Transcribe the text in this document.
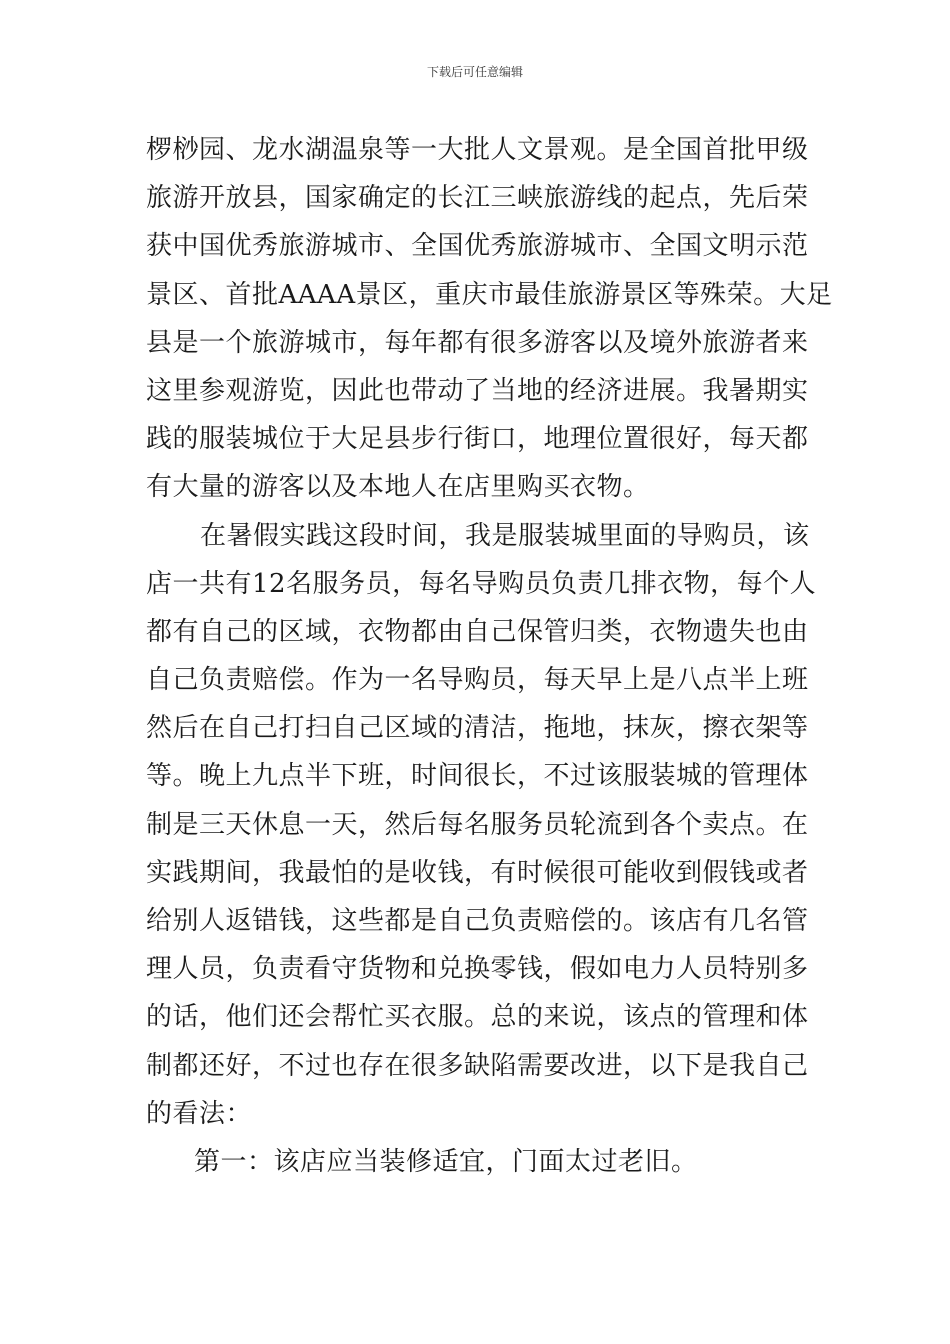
下载后可任意编辑
椤桫园、龙水湖温泉等一大批人文景观。是全国首批甲级
旅游开放县，国家确定的长江三峡旅游线的起点，先后荣
获中国优秀旅游城市、全国优秀旅游城市、全国文明示范
景区、首批AAAA景区，重庆市最佳旅游景区等殊荣。大足
县是一个旅游城市，每年都有很多游客以及境外旅游者来
这里参观游览，因此也带动了当地的经济进展。我暑期实
践的服装城位于大足县步行街口，地理位置很好，每天都
有大量的游客以及本地人在店里购买衣物。
在暑假实践这段时间，我是服装城里面的导购员，该
店一共有12名服务员，每名导购员负责几排衣物，每个人
都有自己的区域，衣物都由自己保管归类，衣物遗失也由
自己负责赔偿。作为一名导购员，每天早上是八点半上班
然后在自己打扫自己区域的清洁，拖地，抹灰，擦衣架等
等。晚上九点半下班，时间很长，不过该服装城的管理体
制是三天休息一天，然后每名服务员轮流到各个卖点。在
实践期间，我最怕的是收钱，有时候很可能收到假钱或者
给别人返错钱，这些都是自己负责赔偿的。该店有几名管
理人员，负责看守货物和兑换零钱，假如电力人员特别多
的话，他们还会帮忙买衣服。总的来说，该点的管理和体
制都还好，不过也存在很多缺陷需要改进，以下是我自己
的看法：
第一：该店应当装修适宜，门面太过老旧。
